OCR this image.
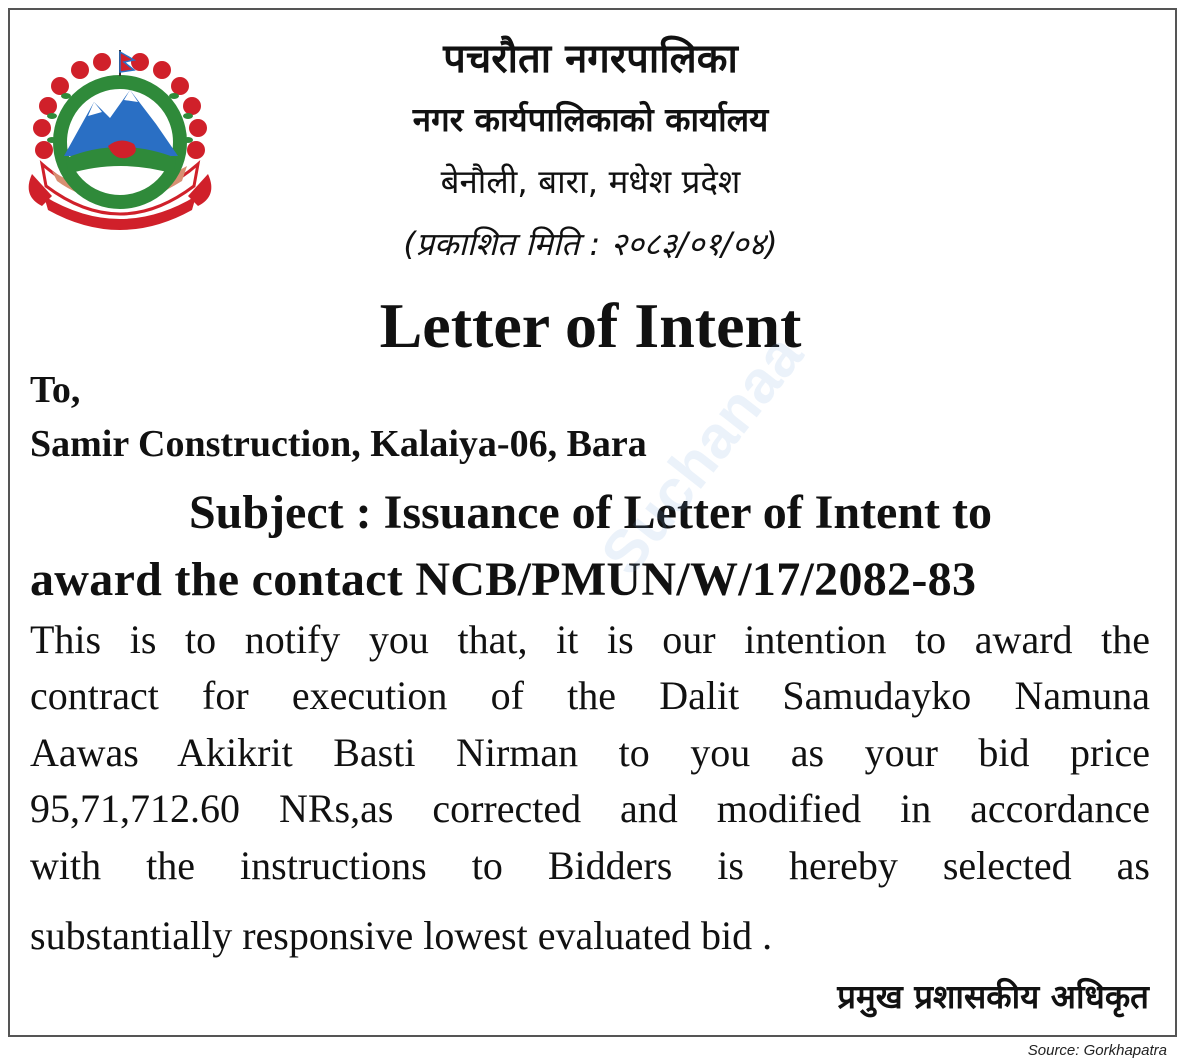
पचरौता नगरपालिका
नगर कार्यपालिकाको कार्यालय
बेनौली, बारा, मधेश प्रदेश
(प्रकाशित मिति : २०८३/०१/०४)
Letter of Intent
To,
Samir Construction, Kalaiya-06, Bara
Subject : Issuance of Letter of Intent to
award the contact NCB/PMUN/W/17/2082-83
This is to notify you that, it is our intention to award the
contract for execution of the Dalit Samudayko Namuna
Aawas Akikrit Basti Nirman to you as your bid price
95,71,712.60 NRs,as corrected and modified in accordance
with the instructions to Bidders is hereby selected as
substantially responsive lowest evaluated bid .
प्रमुख प्रशासकीय अधिकृत
Suchanaa
Source: Gorkhapatra
